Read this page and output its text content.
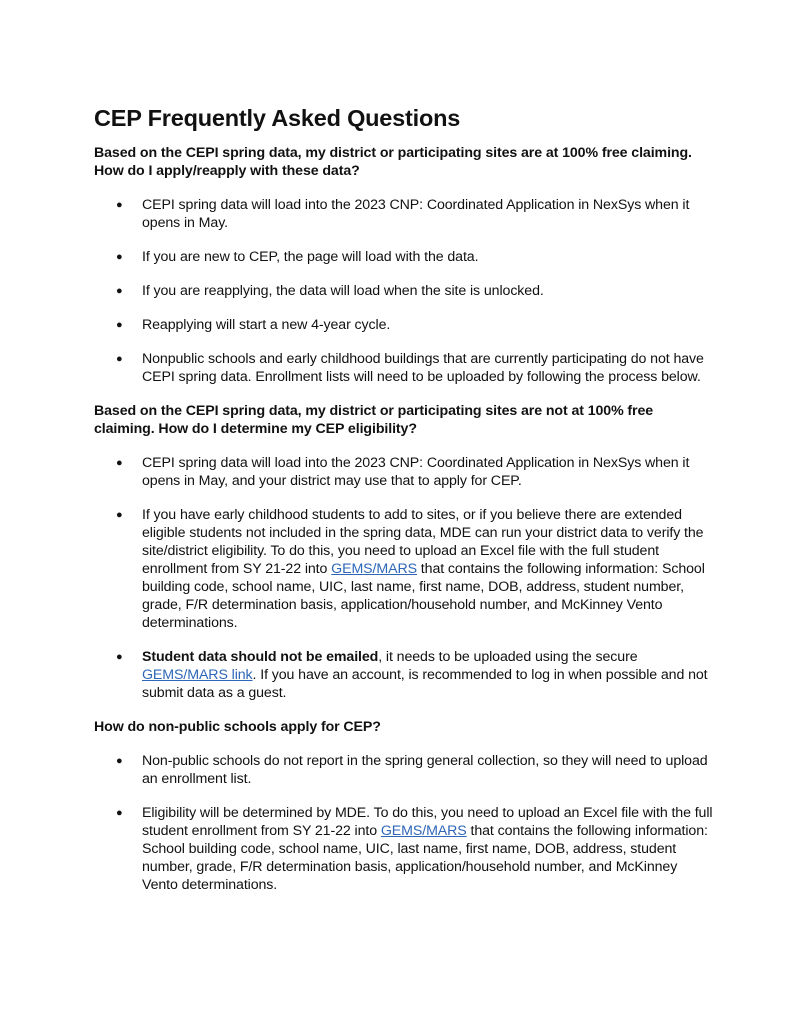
CEP Frequently Asked Questions

Based on the CEPI spring data, my district or participating sites are at 100% free claiming. How do I apply/reapply with these data?

● CEPI spring data will load into the 2023 CNP: Coordinated Application in NexSys when it opens in May.
● If you are new to CEP, the page will load with the data.
● If you are reapplying, the data will load when the site is unlocked.
● Reapplying will start a new 4-year cycle.
● Nonpublic schools and early childhood buildings that are currently participating do not have CEPI spring data. Enrollment lists will need to be uploaded by following the process below.

Based on the CEPI spring data, my district or participating sites are not at 100% free claiming. How do I determine my CEP eligibility?

● CEPI spring data will load into the 2023 CNP: Coordinated Application in NexSys when it opens in May, and your district may use that to apply for CEP.
● If you have early childhood students to add to sites, or if you believe there are extended eligible students not included in the spring data, MDE can run your district data to verify the site/district eligibility. To do this, you need to upload an Excel file with the full student enrollment from SY 21-22 into GEMS/MARS that contains the following information: School building code, school name, UIC, last name, first name, DOB, address, student number, grade, F/R determination basis, application/household number, and McKinney Vento determinations.
● Student data should not be emailed, it needs to be uploaded using the secure GEMS/MARS link. If you have an account, is recommended to log in when possible and not submit data as a guest.

How do non-public schools apply for CEP?

● Non-public schools do not report in the spring general collection, so they will need to upload an enrollment list.
● Eligibility will be determined by MDE. To do this, you need to upload an Excel file with the full student enrollment from SY 21-22 into GEMS/MARS that contains the following information: School building code, school name, UIC, last name, first name, DOB, address, student number, grade, F/R determination basis, application/household number, and McKinney Vento determinations.
